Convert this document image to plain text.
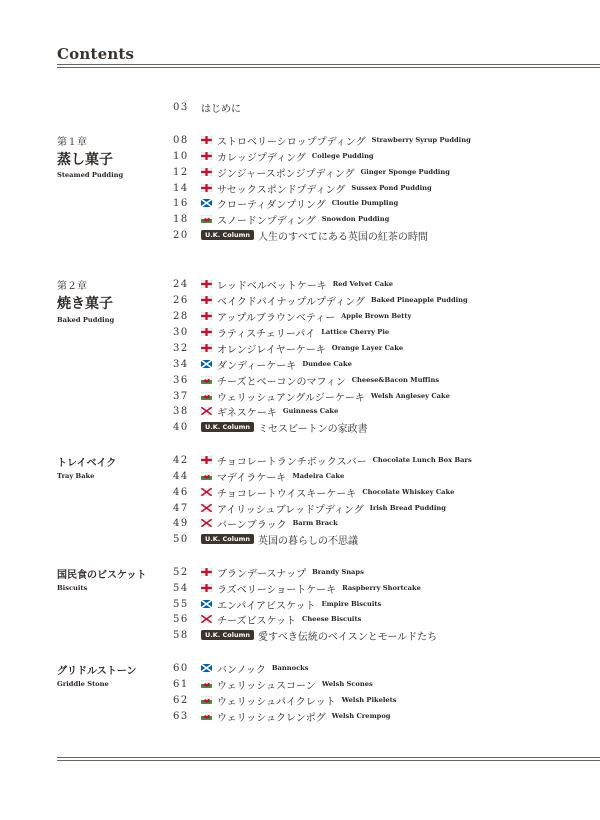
Contents
03	はじめに
第１章
蒸し菓子
Steamed Pudding
第２章
焼き菓子
Baked Pudding
トレイベイク
Tray Bake
国民食のビスケット
Biscuits
グリドルストーン
Griddle Stone
08	ストロベリーシロッププディング Strawberry Syrup Pudding
10	カレッジプディング College Pudding
12	ジンジャースポンジプディング Ginger Sponge Pudding
14	サセックスポンドプディング Sussex Pond Pudding
16	クローティダンプリング Cloutie Dumpling
18	スノードンプディング Snowdon Pudding
20	U.K. Column 人生のすべてにある英国の紅茶の時間
24	レッドベルベットケーキ Red Velvet Cake
26	ベイクドパイナップルプディング Baked Pineapple Pudding
28	アップルブラウンベティー Apple Brown Betty
30	ラティスチェリーパイ Lattice Cherry Pie
32	オレンジレイヤーケーキ Orange Layer Cake
34	ダンディーケーキ Dundee Cake
36	チーズとベーコンのマフィン Cheese&Bacon Muffins
37	ウェリッシュアングルジーケーキ Welsh Anglesey Cake
38	ギネスケーキ Guinness Cake
40	U.K. Column ミセスビートンの家政書
42	チョコレートランチボックスバー Chocolate Lunch Box Bars
44	マデイラケーキ Madeira Cake
46	チョコレートウイスキーケーキ Chocolate Whiskey Cake
47	アイリッシュブレッドプディング Irish Bread Pudding
49	バーンブラック Barm Brack
50	U.K. Column 英国の暮らしの不思議
52	ブランデースナップ Brandy Snaps
54	ラズベリーショートケーキ Raspberry Shortcake
55	エンパイアビスケット Empire Biscuits
56	チーズビスケット Cheese Biscuits
58	U.K. Column 愛すべき伝統のベイスンとモールドたち
60	バンノック Bannocks
61	ウェリッシュスコーン Welsh Scones
62	ウェリッシュパイクレット Welsh Pikelets
63	ウェリッシュクレンポグ Welsh Crempog
